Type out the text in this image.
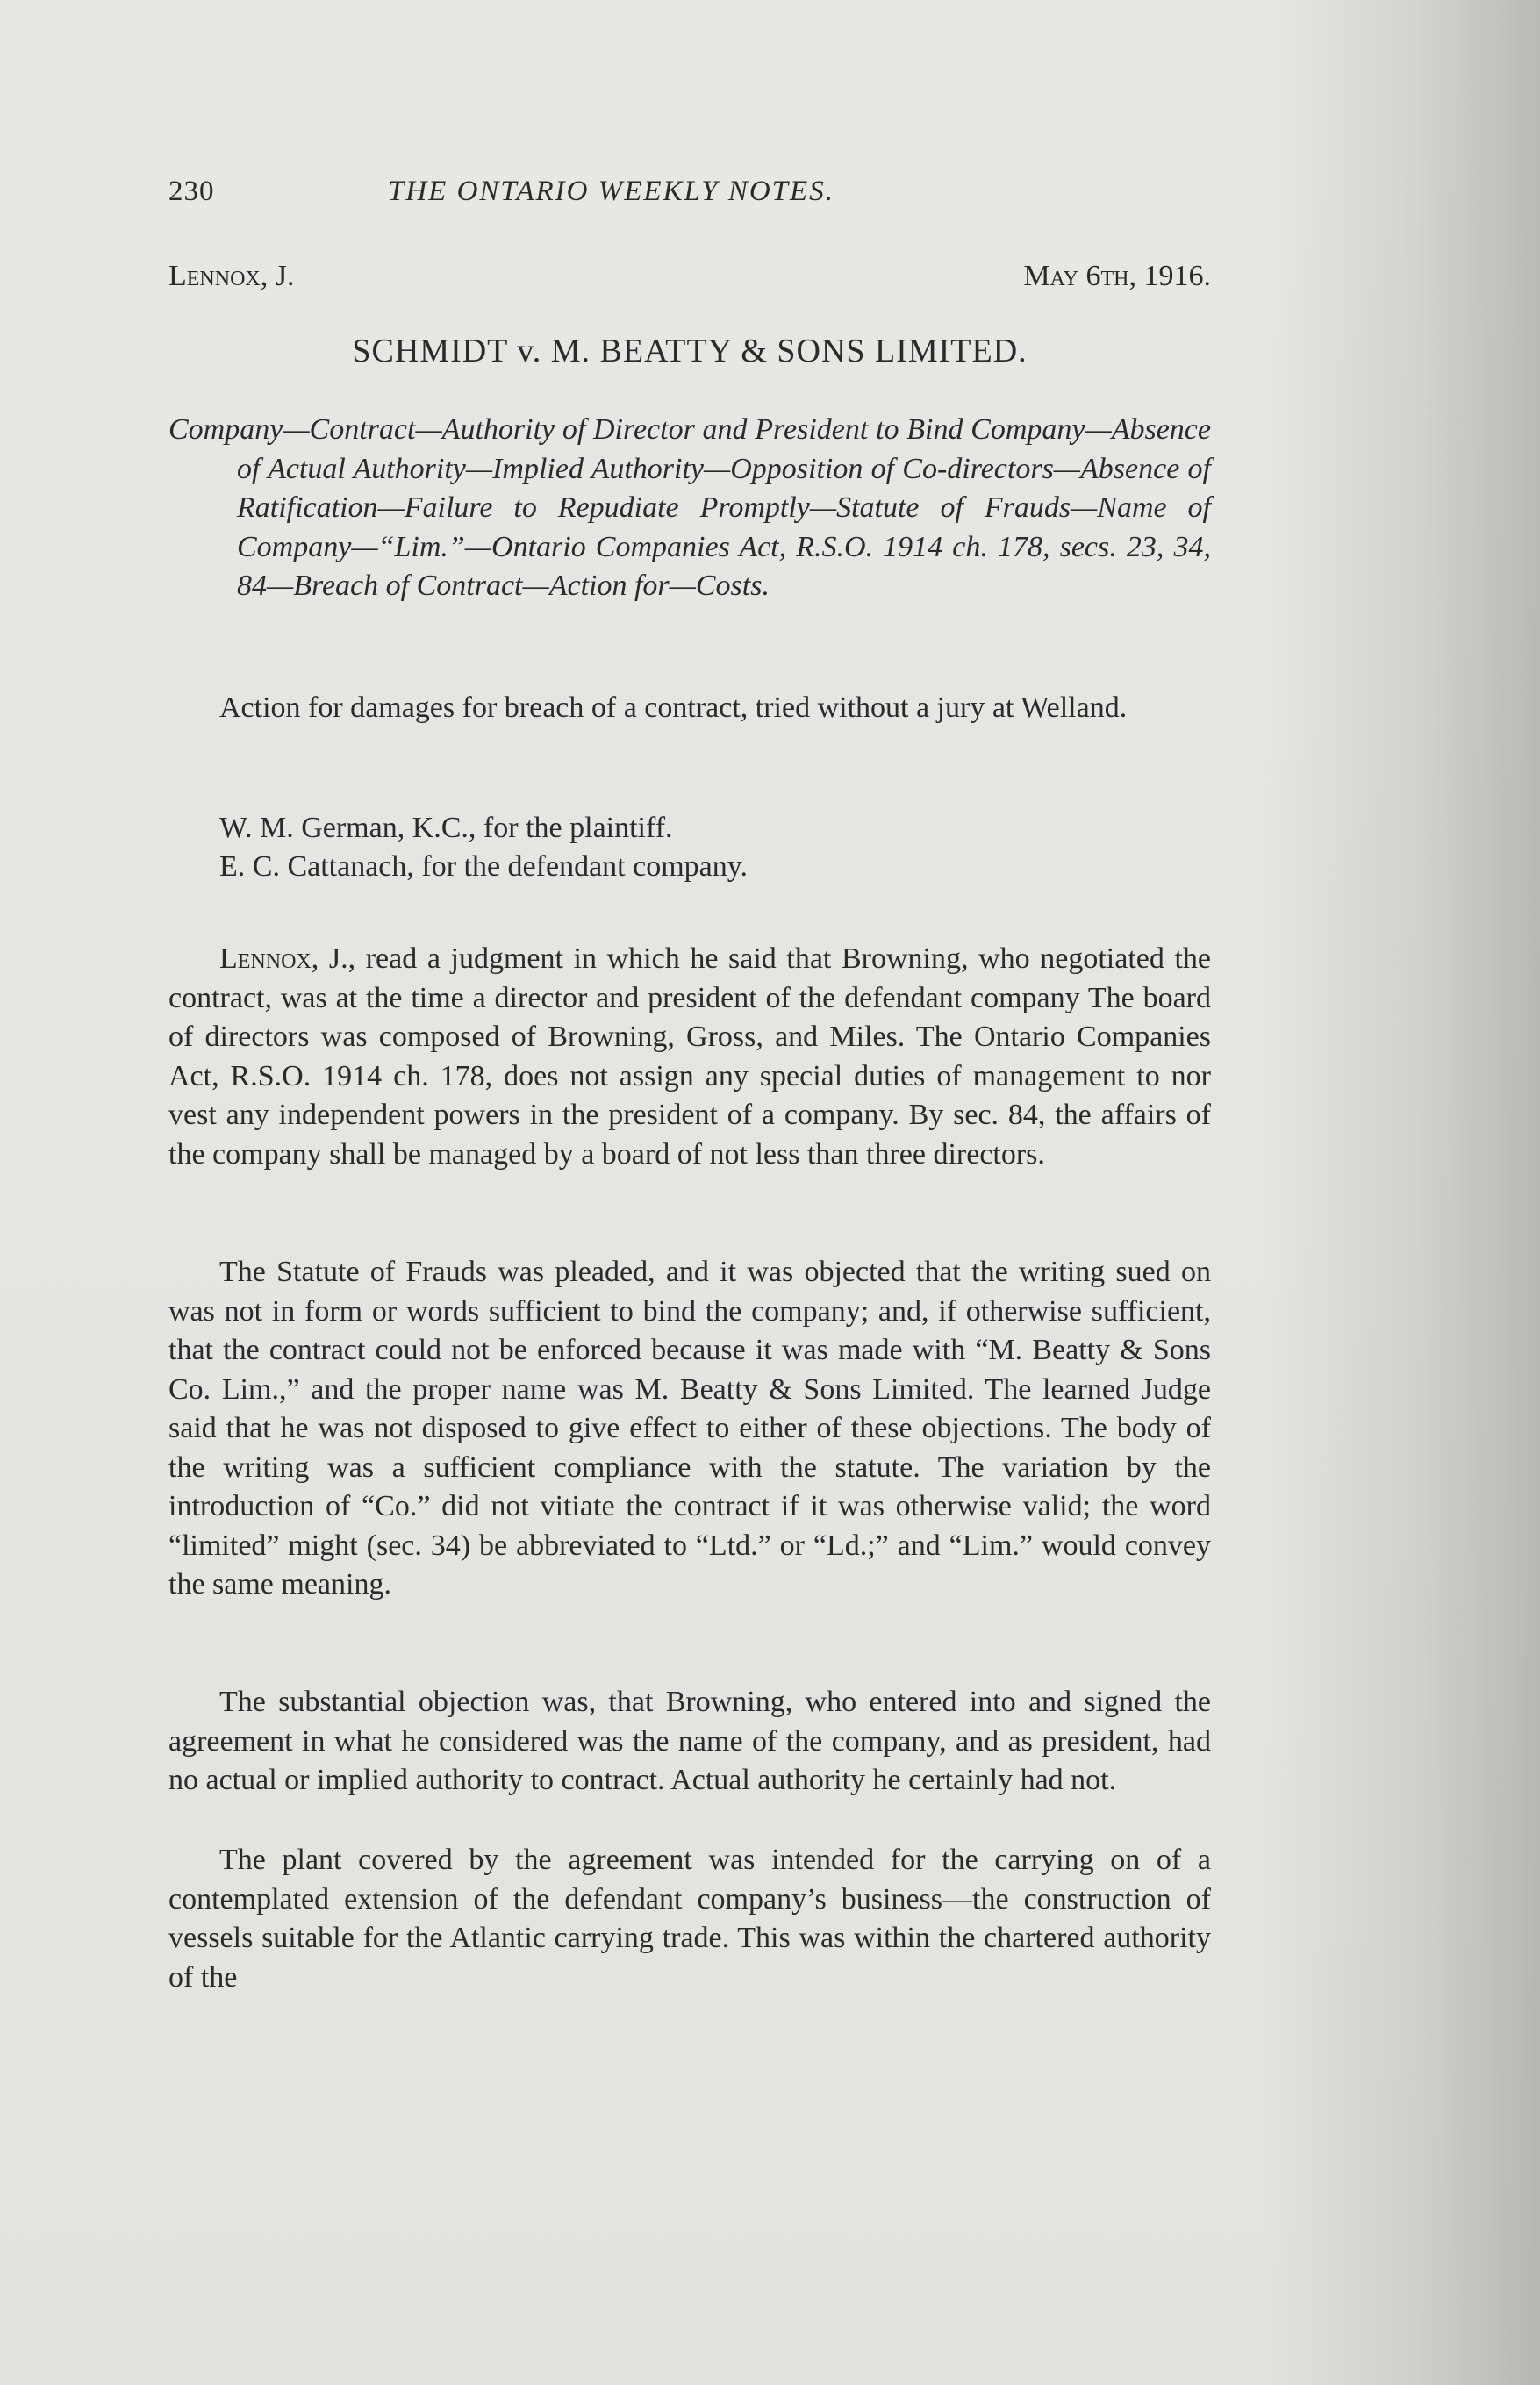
230	THE ONTARIO WEEKLY NOTES.
Lennox, J.	May 6th, 1916.
SCHMIDT v. M. BEATTY & SONS LIMITED.
Company—Contract—Authority of Director and President to Bind Company—Absence of Actual Authority—Implied Authority—Opposition of Co-directors—Absence of Ratification—Failure to Repudiate Promptly—Statute of Frauds—Name of Company—“Lim.”—Ontario Companies Act, R.S.O. 1914 ch. 178, secs. 23, 34, 84—Breach of Contract—Action for—Costs.

Action for damages for breach of a contract, tried without a jury at Welland.

W. M. German, K.C., for the plaintiff.

E. C. Cattanach, for the defendant company.

Lennox, J., read a judgment in which he said that Browning, who negotiated the contract, was at the time a director and president of the defendant company The board of directors was composed of Browning, Gross, and Miles. The Ontario Companies Act, R.S.O. 1914 ch. 178, does not assign any special duties of management to nor vest any independent powers in the president of a company. By sec. 84, the affairs of the company shall be managed by a board of not less than three directors.

The Statute of Frauds was pleaded, and it was objected that the writing sued on was not in form or words sufficient to bind the company; and, if otherwise sufficient, that the contract could not be enforced because it was made with “M. Beatty & Sons Co. Lim.,” and the proper name was M. Beatty & Sons Limited. The learned Judge said that he was not disposed to give effect to either of these objections. The body of the writing was a sufficient compliance with the statute. The variation by the introduction of “Co.” did not vitiate the contract if it was otherwise valid; the word “limited” might (sec. 34) be abbreviated to “Ltd.” or “Ld.;” and “Lim.” would convey the same meaning.

The substantial objection was, that Browning, who entered into and signed the agreement in what he considered was the name of the company, and as president, had no actual or implied authority to contract. Actual authority he certainly had not.

The plant covered by the agreement was intended for the carrying on of a contemplated extension of the defendant company’s business—the construction of vessels suitable for the Atlantic carrying trade. This was within the chartered authority of the
